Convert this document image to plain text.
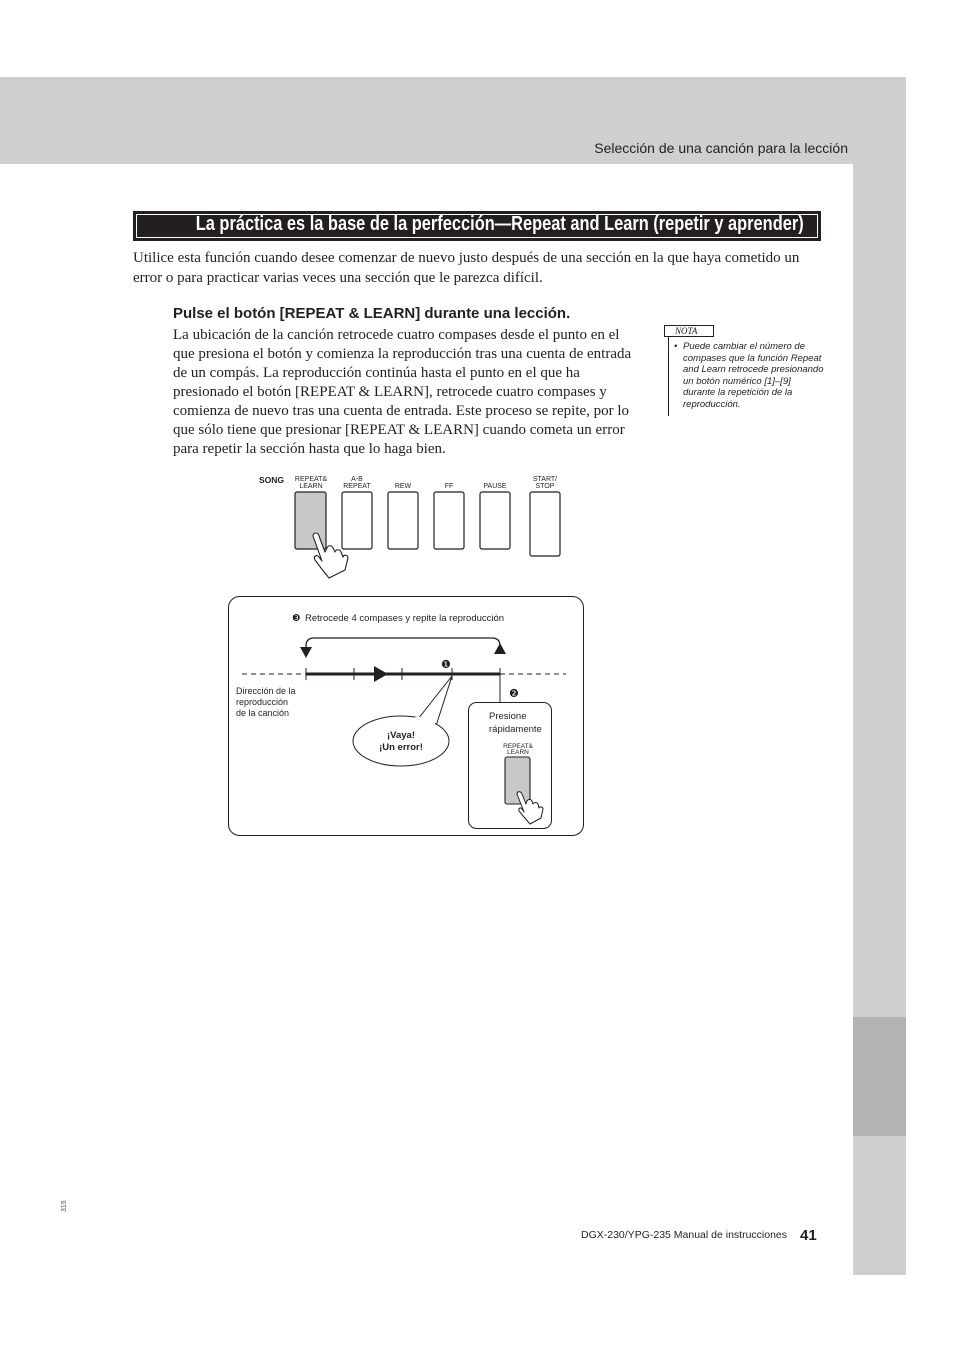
Selección de una canción para la lección
La práctica es la base de la perfección—Repeat and Learn (repetir y aprender)

Utilice esta función cuando desee comenzar de nuevo justo después de una sección en la que haya cometido un error o para practicar varias veces una sección que le parezca difícil.

Pulse el botón [REPEAT & LEARN] durante una lección.

La ubicación de la canción retrocede cuatro compases desde el punto en el que presiona el botón y comienza la reproducción tras una cuenta de entrada de un compás. La reproducción continúa hasta el punto en el que ha presionado el botón [REPEAT & LEARN], retrocede cuatro compases y comienza de nuevo tras una cuenta de entrada. Este proceso se repite, por lo que sólo tiene que presionar [REPEAT & LEARN] cuando cometa un error para repetir la sección hasta que lo haga bien.

NOTA
• Puede cambiar el número de compases que la función Repeat and Learn retrocede presionando un botón numérico [1]–[9] durante la repetición de la reproducción.
SONG REPEAT&
LEARN
A-B
REPEAT	REW	FF	PAUSE
START/
STOP
❸ Retrocede 4 compases y repite la reproducción
❶
❷
Dirección de la
reproducción
de la canción
¡Vaya!
¡Un error!
Presione
rápidamente
REPEAT&
LEARN
DGX-230/YPG-235 Manual de instrucciones 41
315
